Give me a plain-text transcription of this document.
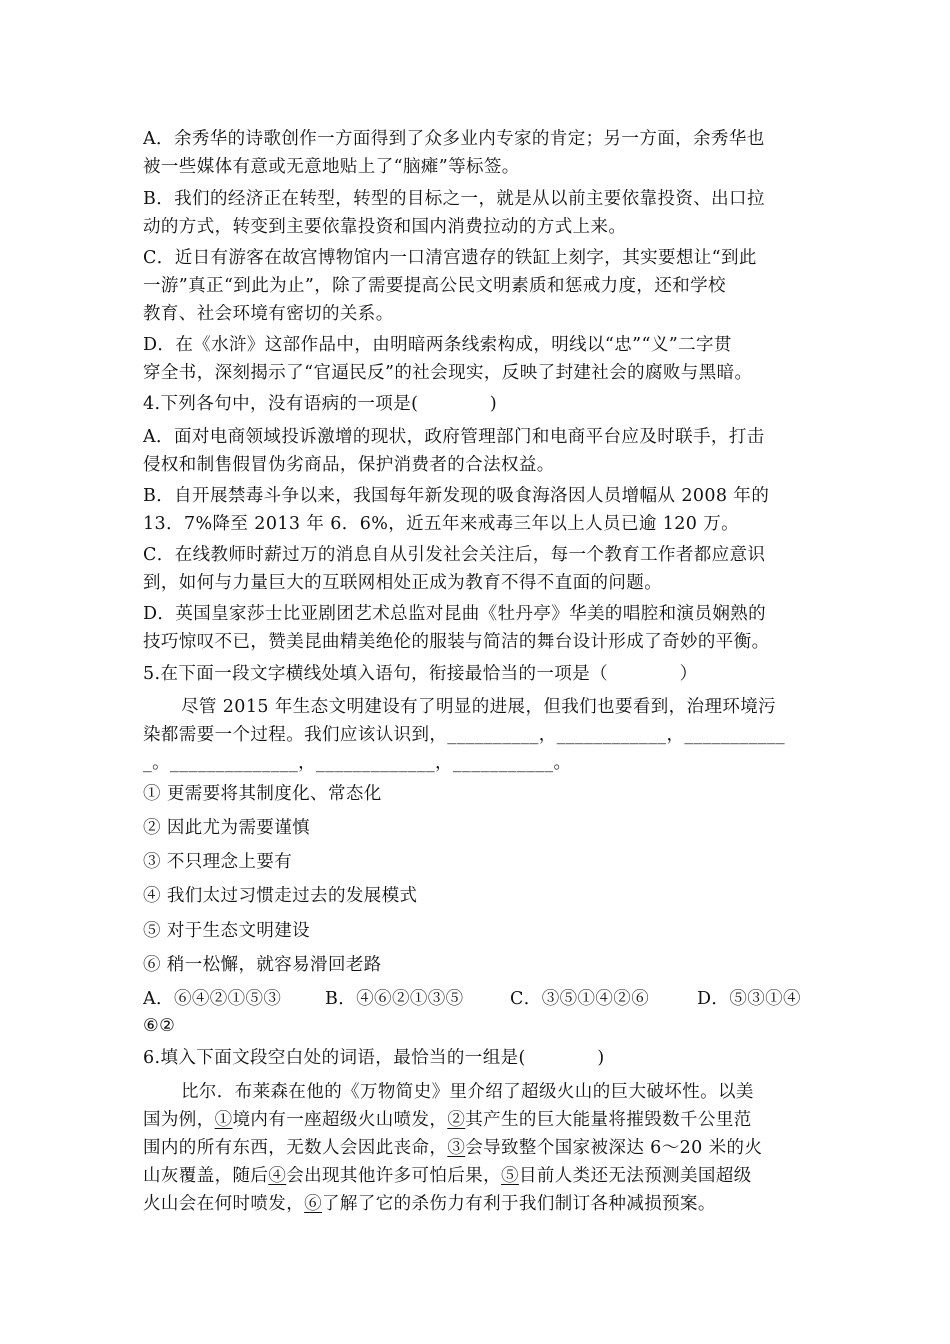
A．余秀华的诗歌创作一方面得到了众多业内专家的肯定；另一方面，余秀华也
被一些媒体有意或无意地贴上了“脑瘫”等标签。
B．我们的经济正在转型，转型的目标之一，就是从以前主要依靠投资、出口拉
动的方式，转变到主要依靠投资和国内消费拉动的方式上来。
C．近日有游客在故宫博物馆内一口清宫遗存的铁缸上刻字，其实要想让“到此
一游”真正“到此为止”，除了需要提高公民文明素质和惩戒力度，还和学校
教育、社会环境有密切的关系。
D．在《水浒》这部作品中，由明暗两条线索构成，明线以“忠”“义”二字贯
穿全书，深刻揭示了“官逼民反”的社会现实，反映了封建社会的腐败与黑暗。
4.下列各句中，没有语病的一项是(　　　　)
A．面对电商领域投诉激增的现状，政府管理部门和电商平台应及时联手，打击
侵权和制售假冒伪劣商品，保护消费者的合法权益。
B．自开展禁毒斗争以来，我国每年新发现的吸食海洛因人员增幅从 2008 年的
13．7%降至 2013 年 6．6%，近五年来戒毒三年以上人员已逾 120 万。
C．在线教师时薪过万的消息自从引发社会关注后，每一个教育工作者都应意识
到，如何与力量巨大的互联网相处正成为教育不得不直面的问题。
D．英国皇家莎士比亚剧团艺术总监对昆曲《牡丹亭》华美的唱腔和演员娴熟的
技巧惊叹不已，赞美昆曲精美绝伦的服装与简洁的舞台设计形成了奇妙的平衡。
5.在下面一段文字横线处填入语句，衔接最恰当的一项是（　　　　）
尽管 2015 年生态文明建设有了明显的进展，但我们也要看到，治理环境污
染都需要一个过程。我们应该认识到，__________，____________，___________
_。______________，_____________，___________。
① 更需要将其制度化、常态化
② 因此尤为需要谨慎
③ 不只理念上要有
④ 我们太过习惯走过去的发展模式
⑤ 对于生态文明建设
⑥ 稍一松懈，就容易滑回老路
A．⑥④②①⑤③ B．④⑥②①③⑤	C．③⑤①④②⑥	D．⑤③①④
⑥②
6.填入下面文段空白处的词语，最恰当的一组是(　　　　)
比尔．布莱森在他的《万物简史》里介绍了超级火山的巨大破坏性。以美
国为例，①境内有一座超级火山喷发，②其产生的巨大能量将摧毁数千公里范
围内的所有东西，无数人会因此丧命，③会导致整个国家被深达 6～20 米的火
山灰覆盖，随后④会出现其他许多可怕后果，⑤目前人类还无法预测美国超级
火山会在何时喷发，⑥了解了它的杀伤力有利于我们制订各种减损预案。
